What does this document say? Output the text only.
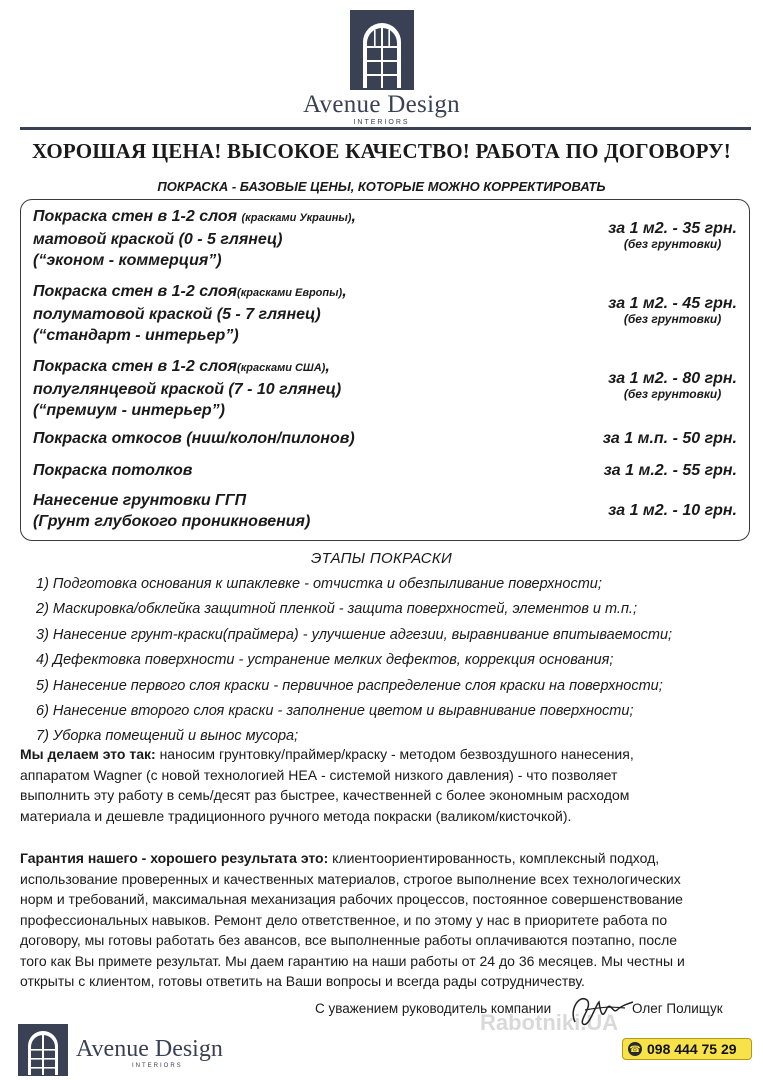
Avenue Design
INTERIORS
ХОРОШАЯ ЦЕНА! ВЫСОКОЕ КАЧЕСТВО! РАБОТА ПО ДОГОВОРУ!
ПОКРАСКА - БАЗОВЫЕ ЦЕНЫ, КОТОРЫЕ МОЖНО КОРРЕКТИРОВАТЬ
Покраска стен в 1-2 слоя (красками Украины),
матовой краской (0 - 5 глянец)
(“эконом - коммерция”)
за 1 м2. - 35 грн.
(без грунтовки)
Покраска стен в 1-2 слоя(красками Европы),
полуматовой краской (5 - 7 глянец)
(“стандарт - интерьер”)
за 1 м2. - 45 грн.
(без грунтовки)
Покраска стен в 1-2 слоя(красками США),
полуглянцевой краской (7 - 10 глянец)
(“премиум - интерьер”)
за 1 м2. - 80 грн.
(без грунтовки)
Покраска откосов (ниш/колон/пилонов)	за 1 м.п. - 50 грн.
Покраска потолков	за 1 м.2. - 55 грн.
Нанесение грунтовки ГГП
(Грунт глубокого проникновения)
за 1 м2. - 10 грн.
ЭТАПЫ ПОКРАСКИ
1) Подготовка основания к шпаклевке - отчистка и обезпыливание поверхности;
2) Маскировка/обклейка защитной пленкой - защита поверхностей, элементов и т.п.;
3) Нанесение грунт-краски(праймера) - улучшение адгезии, выравнивание впитываемости;
4) Дефектовка поверхности - устранение мелких дефектов, коррекция основания;
5) Нанесение первого слоя краски - первичное распределение слоя краски на поверхности;
6) Нанесение второго слоя краски - заполнение цветом и выравнивание поверхности;
7) Уборка помещений и вынос мусора;

Мы делаем это так: наносим грунтовку/праймер/краску - методом безвоздушного нанесения,
аппаратом Wagner (с новой технологией НЕА - системой низкого давления) - что позволяет
выполнить эту работу в семь/десят раз быстрее, качественней с более экономным расходом
материала и дешевле традиционного ручного метода покраски (валиком/кисточкой).

Гарантия нашего - хорошего результата это: клиентоориентированность, комплексный подход,
использование проверенных и качественных материалов, строгое выполнение всех технологических
норм и требований, максимальная механизация рабочих процессов, постоянное совершенствование
профессиональных навыков. Ремонт дело ответственное, и по этому у нас в приоритете работа по
договору, мы готовы работать без авансов, все выполненные работы оплачиваются поэтапно, после
того как Вы примете результат. Мы даем гарантию на наши работы от 24 до 36 месяцев. Мы честны и
открыты с клиентом, готовы ответить на Ваши вопросы и всегда рады сотрудничеству.

Rabotniki.UA
С уважением руководитель компании	Олег Полищук
Avenue Design
INTERIORS
☎ 098 444 75 29
